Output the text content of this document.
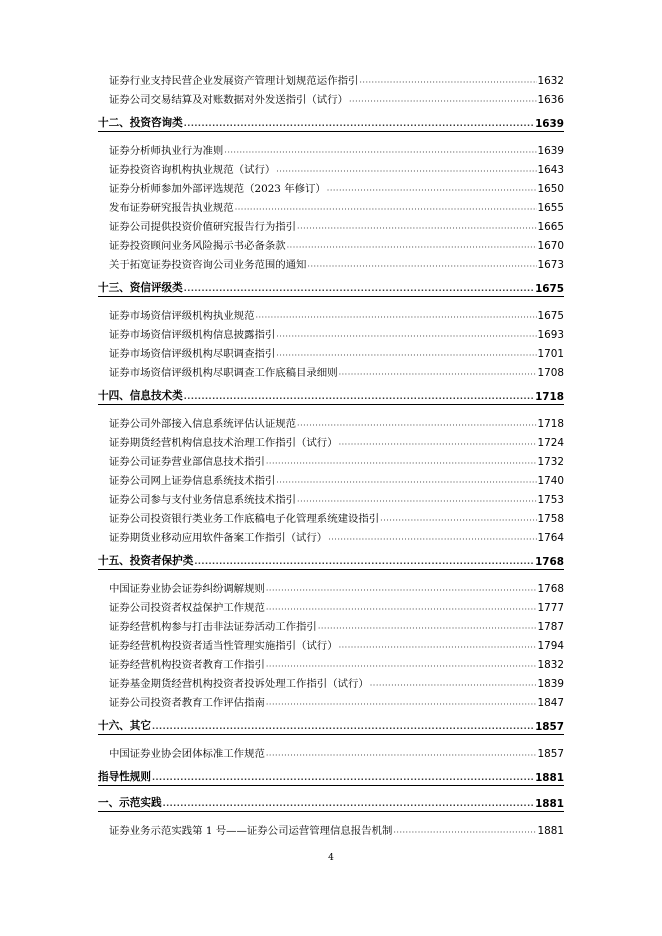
证券行业支持民营企业发展资产管理计划规范运作指引 ·····	1632
证券公司交易结算及对账数据对外发送指引（试行） ·····	1636
十二、投资咨询类 ·····	1639
证券分析师执业行为准则 ·····	1639
证券投资咨询机构执业规范（试行） ·····	1643
证券分析师参加外部评选规范（2023 年修订） ·····	1650
发布证券研究报告执业规范 ·····	1655
证券公司提供投资价值研究报告行为指引 ·····	1665
证券投资顾问业务风险揭示书必备条款 ·····	1670
关于拓宽证券投资咨询公司业务范围的通知 ·····	1673
十三、资信评级类 ·····	1675
证券市场资信评级机构执业规范 ·····	1675
证券市场资信评级机构信息披露指引 ·····	1693
证券市场资信评级机构尽职调查指引 ·····	1701
证券市场资信评级机构尽职调查工作底稿目录细则 ·····	1708
十四、信息技术类 ·····	1718
证券公司外部接入信息系统评估认证规范 ·····	1718
证券期货经营机构信息技术治理工作指引（试行） ·····	1724
证券公司证券营业部信息技术指引 ·····	1732
证券公司网上证券信息系统技术指引 ·····	1740
证券公司参与支付业务信息系统技术指引 ·····	1753
证券公司投资银行类业务工作底稿电子化管理系统建设指引 ·····	1758
证券期货业移动应用软件备案工作指引（试行） ·····	1764
十五、投资者保护类 ·····	1768
中国证券业协会证券纠纷调解规则 ·····	1768
证券公司投资者权益保护工作规范 ·····	1777
证券经营机构参与打击非法证券活动工作指引 ·····	1787
证券经营机构投资者适当性管理实施指引（试行） ·····	1794
证券经营机构投资者教育工作指引 ·····	1832
证券基金期货经营机构投资者投诉处理工作指引（试行） ·····	1839
证券公司投资者教育工作评估指南 ·····	1847
十六、其它 ·····	1857
中国证券业协会团体标准工作规范 ·····	1857
指导性规则 ·····	1881
一、示范实践 ·····	1881
证券业务示范实践第 1 号——证券公司运营管理信息报告机制 ·····	1881
4
